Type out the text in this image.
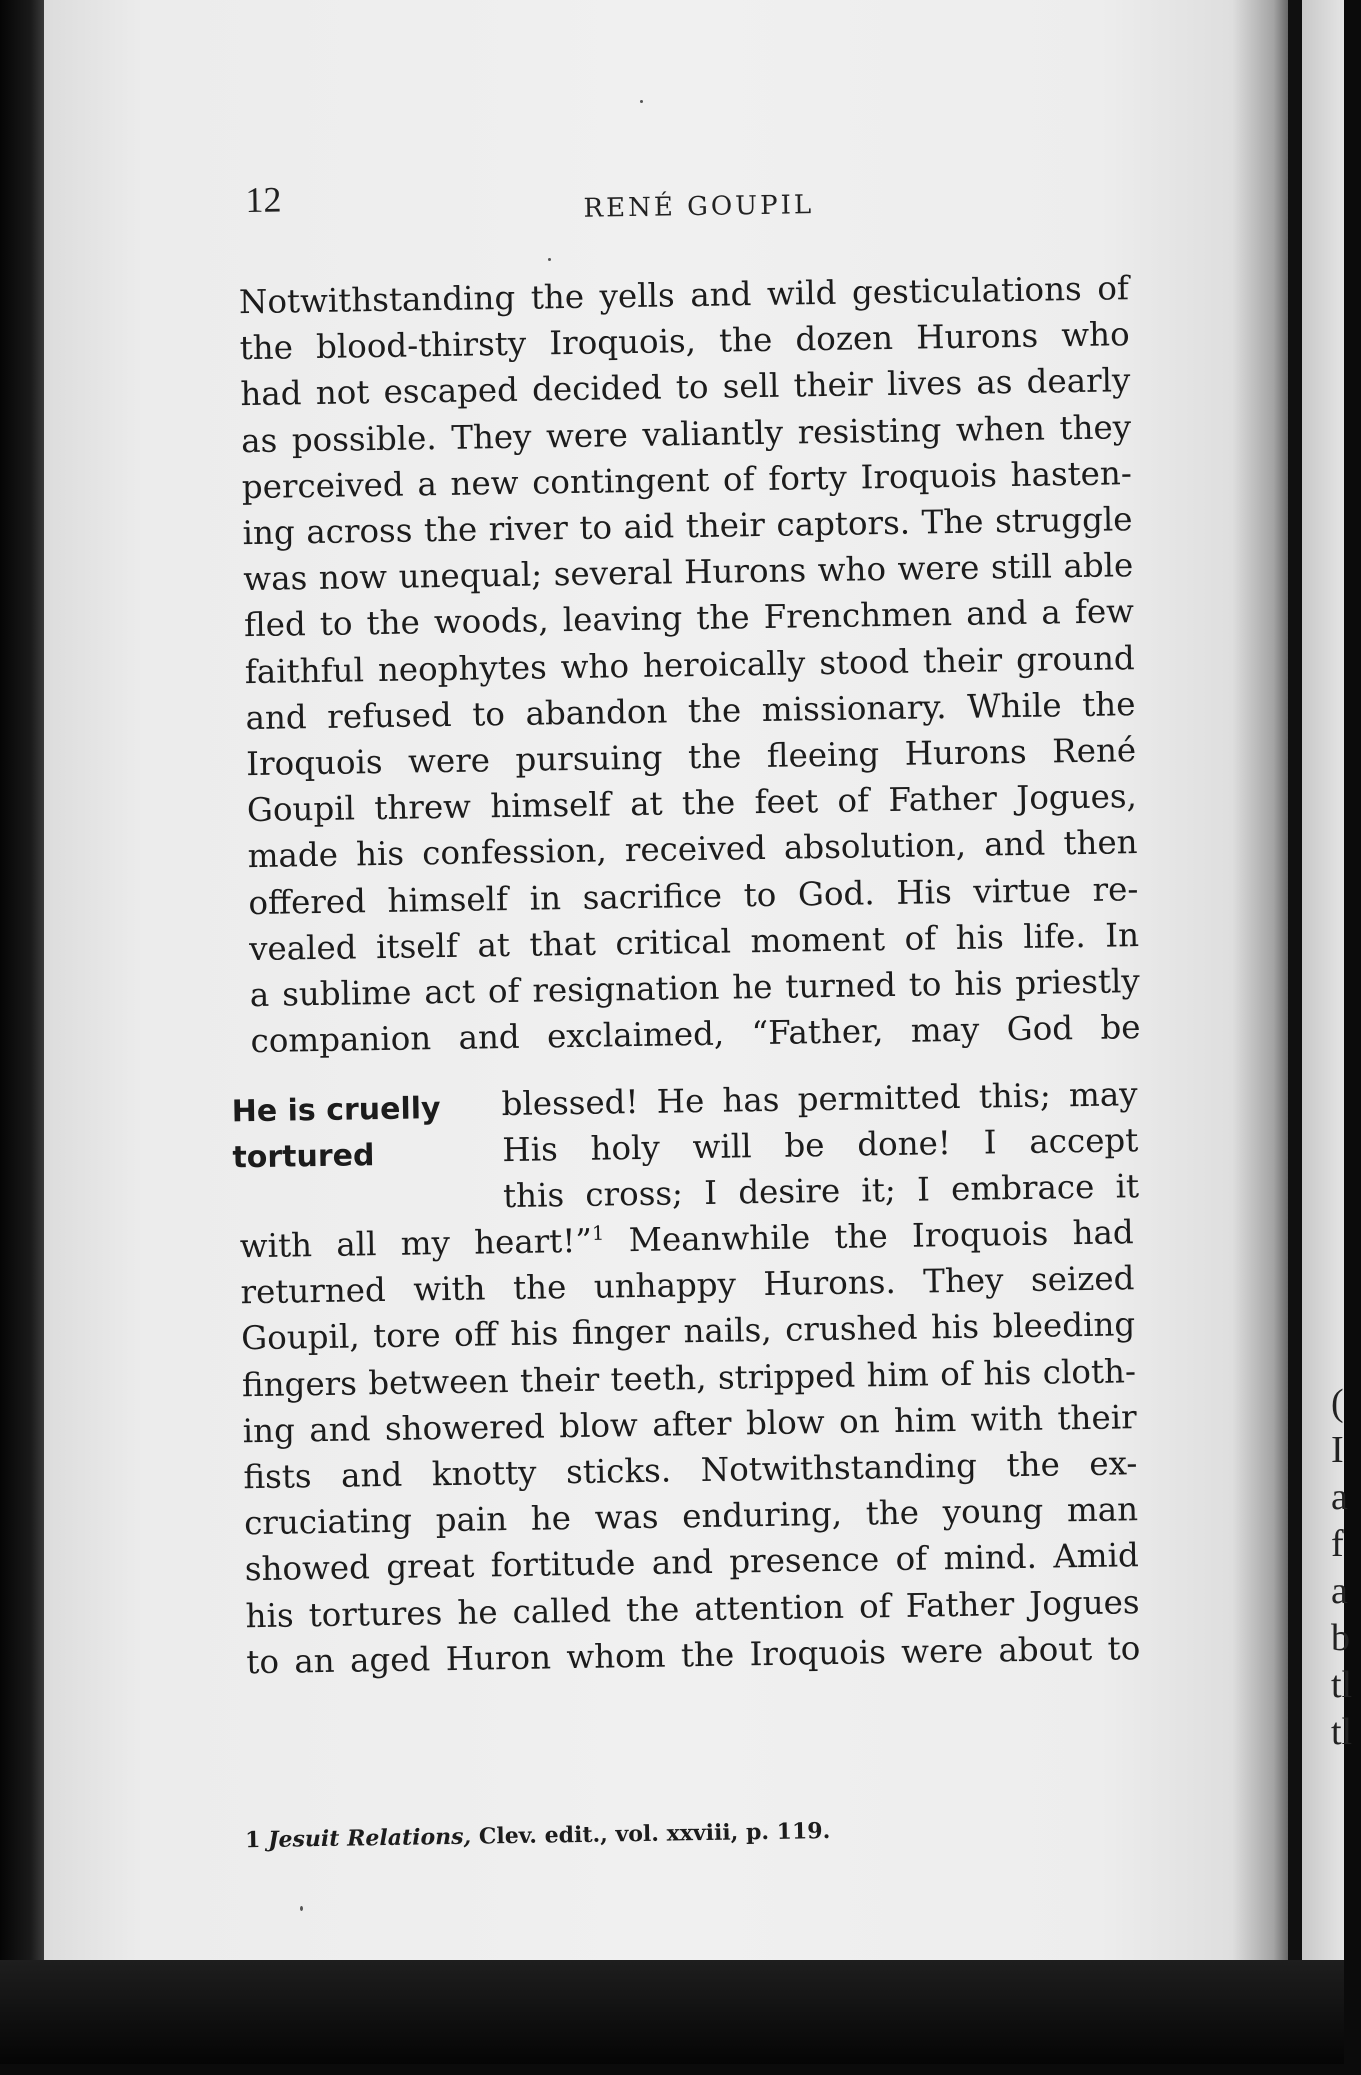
(
I
a
f
a
b
tl
tl
12	RENÉ GOUPIL
Notwithstanding the yells and wild gesticulations of
the blood-thirsty Iroquois, the dozen Hurons who
had not escaped decided to sell their lives as dearly
as possible. They were valiantly resisting when they
perceived a new contingent of forty Iroquois hasten-
ing across the river to aid their captors. The struggle
was now unequal; several Hurons who were still able
fled to the woods, leaving the Frenchmen and a few
faithful neophytes who heroically stood their ground
and refused to abandon the missionary. While the
Iroquois were pursuing the fleeing Hurons René
Goupil threw himself at the feet of Father Jogues,
made his confession, received absolution, and then
offered himself in sacrifice to God. His virtue re-
vealed itself at that critical moment of his life. In
a sublime act of resignation he turned to his priestly
companion and exclaimed, “Father, may God be
He is cruelly
tortured
blessed! He has permitted this; may
His holy will be done! I accept
this cross; I desire it; I embrace it
with all my heart!”$^1$ Meanwhile the Iroquois had
returned with the unhappy Hurons. They seized
Goupil, tore off his finger nails, crushed his bleeding
fingers between their teeth, stripped him of his cloth-
ing and showered blow after blow on him with their
fists and knotty sticks. Notwithstanding the ex-
cruciating pain he was enduring, the young man
showed great fortitude and presence of mind. Amid
his tortures he called the attention of Father Jogues
to an aged Huron whom the Iroquois were about to
1 Jesuit Relations, Clev. edit., vol. xxviii, p. 119.
